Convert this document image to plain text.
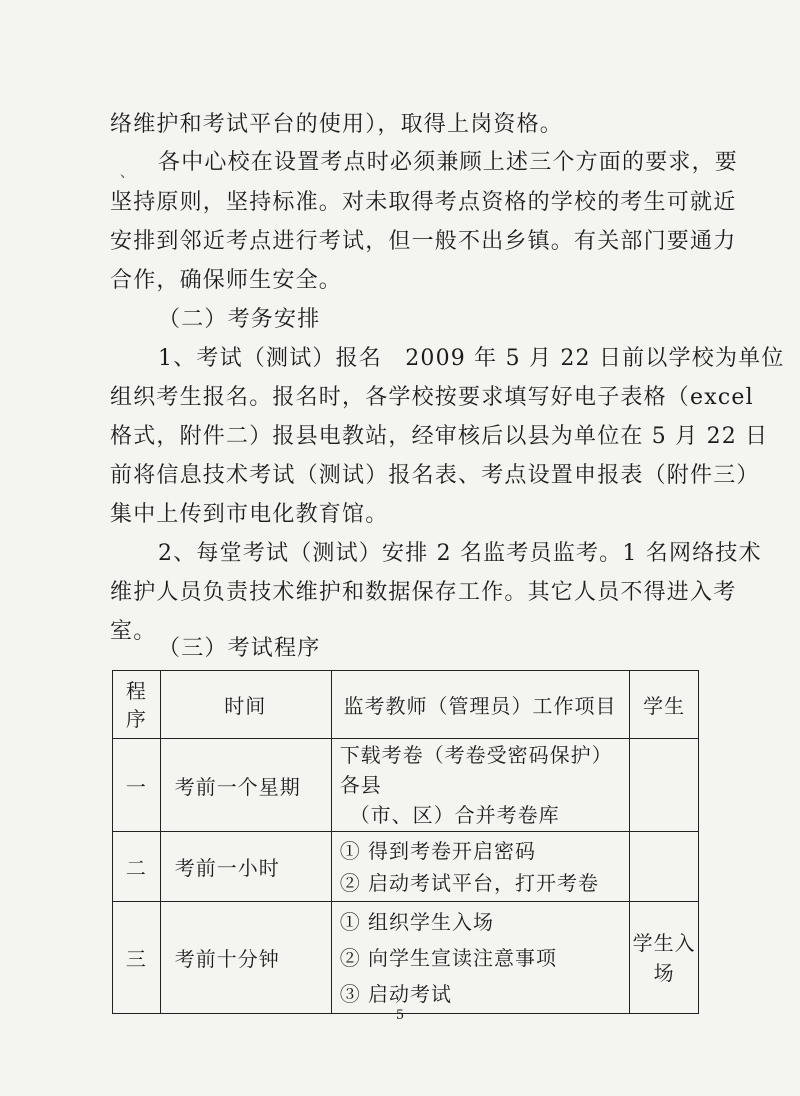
络维护和考试平台的使用），取得上岗资格。
、 各中心校在设置考点时必须兼顾上述三个方面的要求，要
坚持原则，坚持标准。对未取得考点资格的学校的考生可就近
安排到邻近考点进行考试，但一般不出乡镇。有关部门要通力
合作，确保师生安全。
（二）考务安排
1、考试（测试）报名　2009 年 5 月 22 日前以学校为单位
组织考生报名。报名时，各学校按要求填写好电子表格（excel
格式，附件二）报县电教站，经审核后以县为单位在 5 月 22 日
前将信息技术考试（测试）报名表、考点设置申报表（附件三）
集中上传到市电化教育馆。
2、每堂考试（测试）安排 2 名监考员监考。1 名网络技术
维护人员负责技术维护和数据保存工作。其它人员不得进入考
室。
（三）考试程序
程
序	时间	监考教师（管理员）工作项目	学生
一	考前一个星期	下载考卷（考卷受密码保护）各县
（市、区）合并考卷库	

二	考前一小时	① 得到考卷开启密码
② 启动考试平台，打开考卷	

三	考前十分钟	① 组织学生入场
② 向学生宣读注意事项
③ 启动考试	学生入
场
5
